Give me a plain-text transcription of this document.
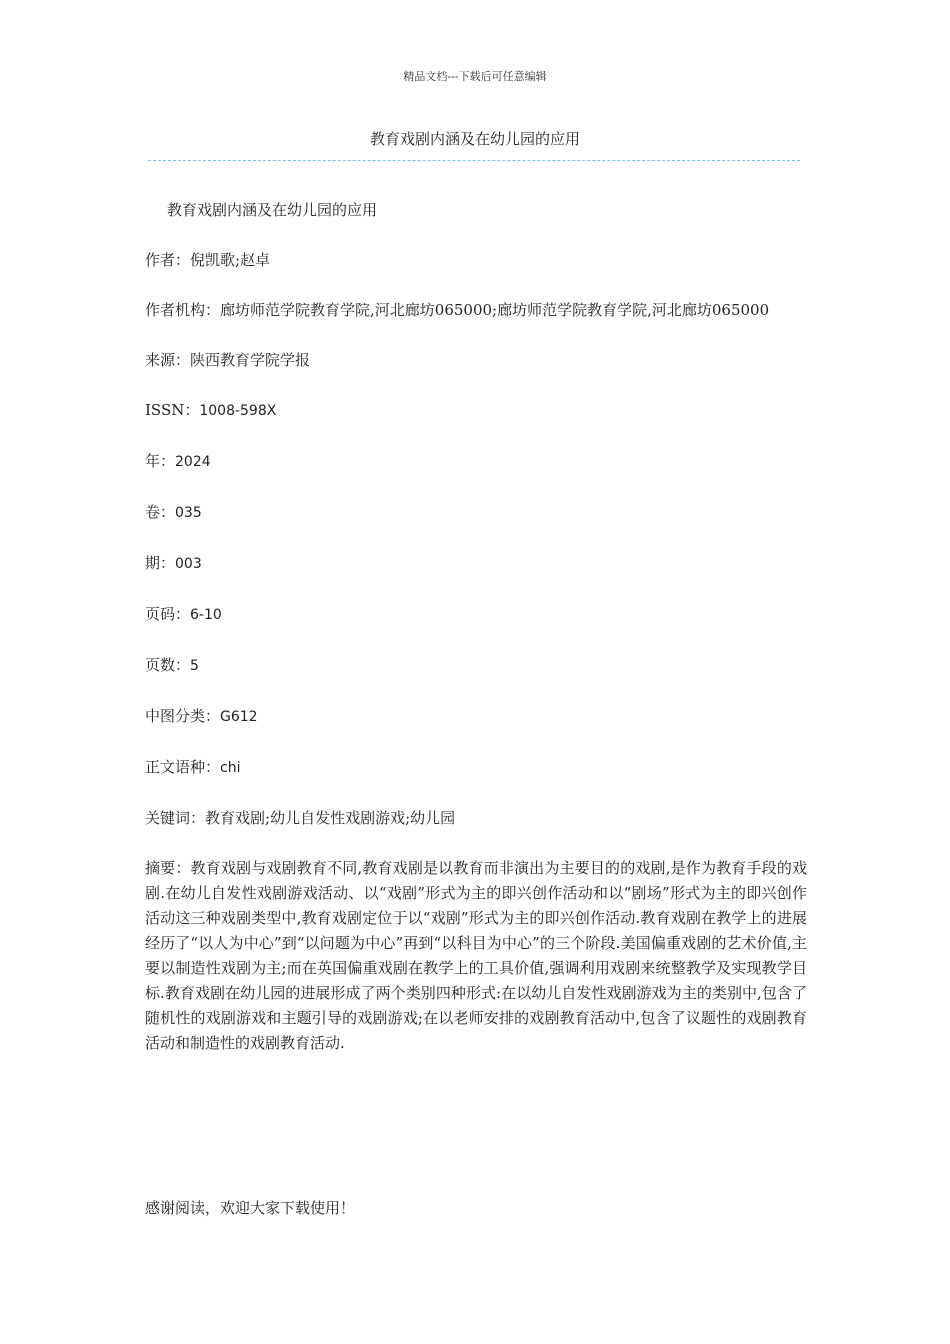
精品文档---下载后可任意编辑
教育戏剧内涵及在幼儿园的应用

教育戏剧内涵及在幼儿园的应用

作者：倪凯歌;赵卓

作者机构：廊坊师范学院教育学院,河北廊坊065000;廊坊师范学院教育学院,河北廊坊065000

来源：陕西教育学院学报

ISSN：1008-598X

年：2024

卷：035

期：003

页码：6-10

页数：5

中图分类：G612

正文语种：chi

关键词：教育戏剧;幼儿自发性戏剧游戏;幼儿园

摘要：教育戏剧与戏剧教育不同,教育戏剧是以教育而非演出为主要目的的戏剧,是作为教育手段的戏剧.在幼儿自发性戏剧游戏活动、以“戏剧”形式为主的即兴创作活动和以“剧场”形式为主的即兴创作活动这三种戏剧类型中,教育戏剧定位于以“戏剧”形式为主的即兴创作活动.教育戏剧在教学上的进展经历了“以人为中心”到“以问题为中心”再到“以科目为中心”的三个阶段.美国偏重戏剧的艺术价值,主要以制造性戏剧为主;而在英国偏重戏剧在教学上的工具价值,强调利用戏剧来统整教学及实现教学目标.教育戏剧在幼儿园的进展形成了两个类别四种形式:在以幼儿自发性戏剧游戏为主的类别中,包含了随机性的戏剧游戏和主题引导的戏剧游戏;在以老师安排的戏剧教育活动中,包含了议题性的戏剧教育活动和制造性的戏剧教育活动.

感谢阅读，欢迎大家下载使用！
